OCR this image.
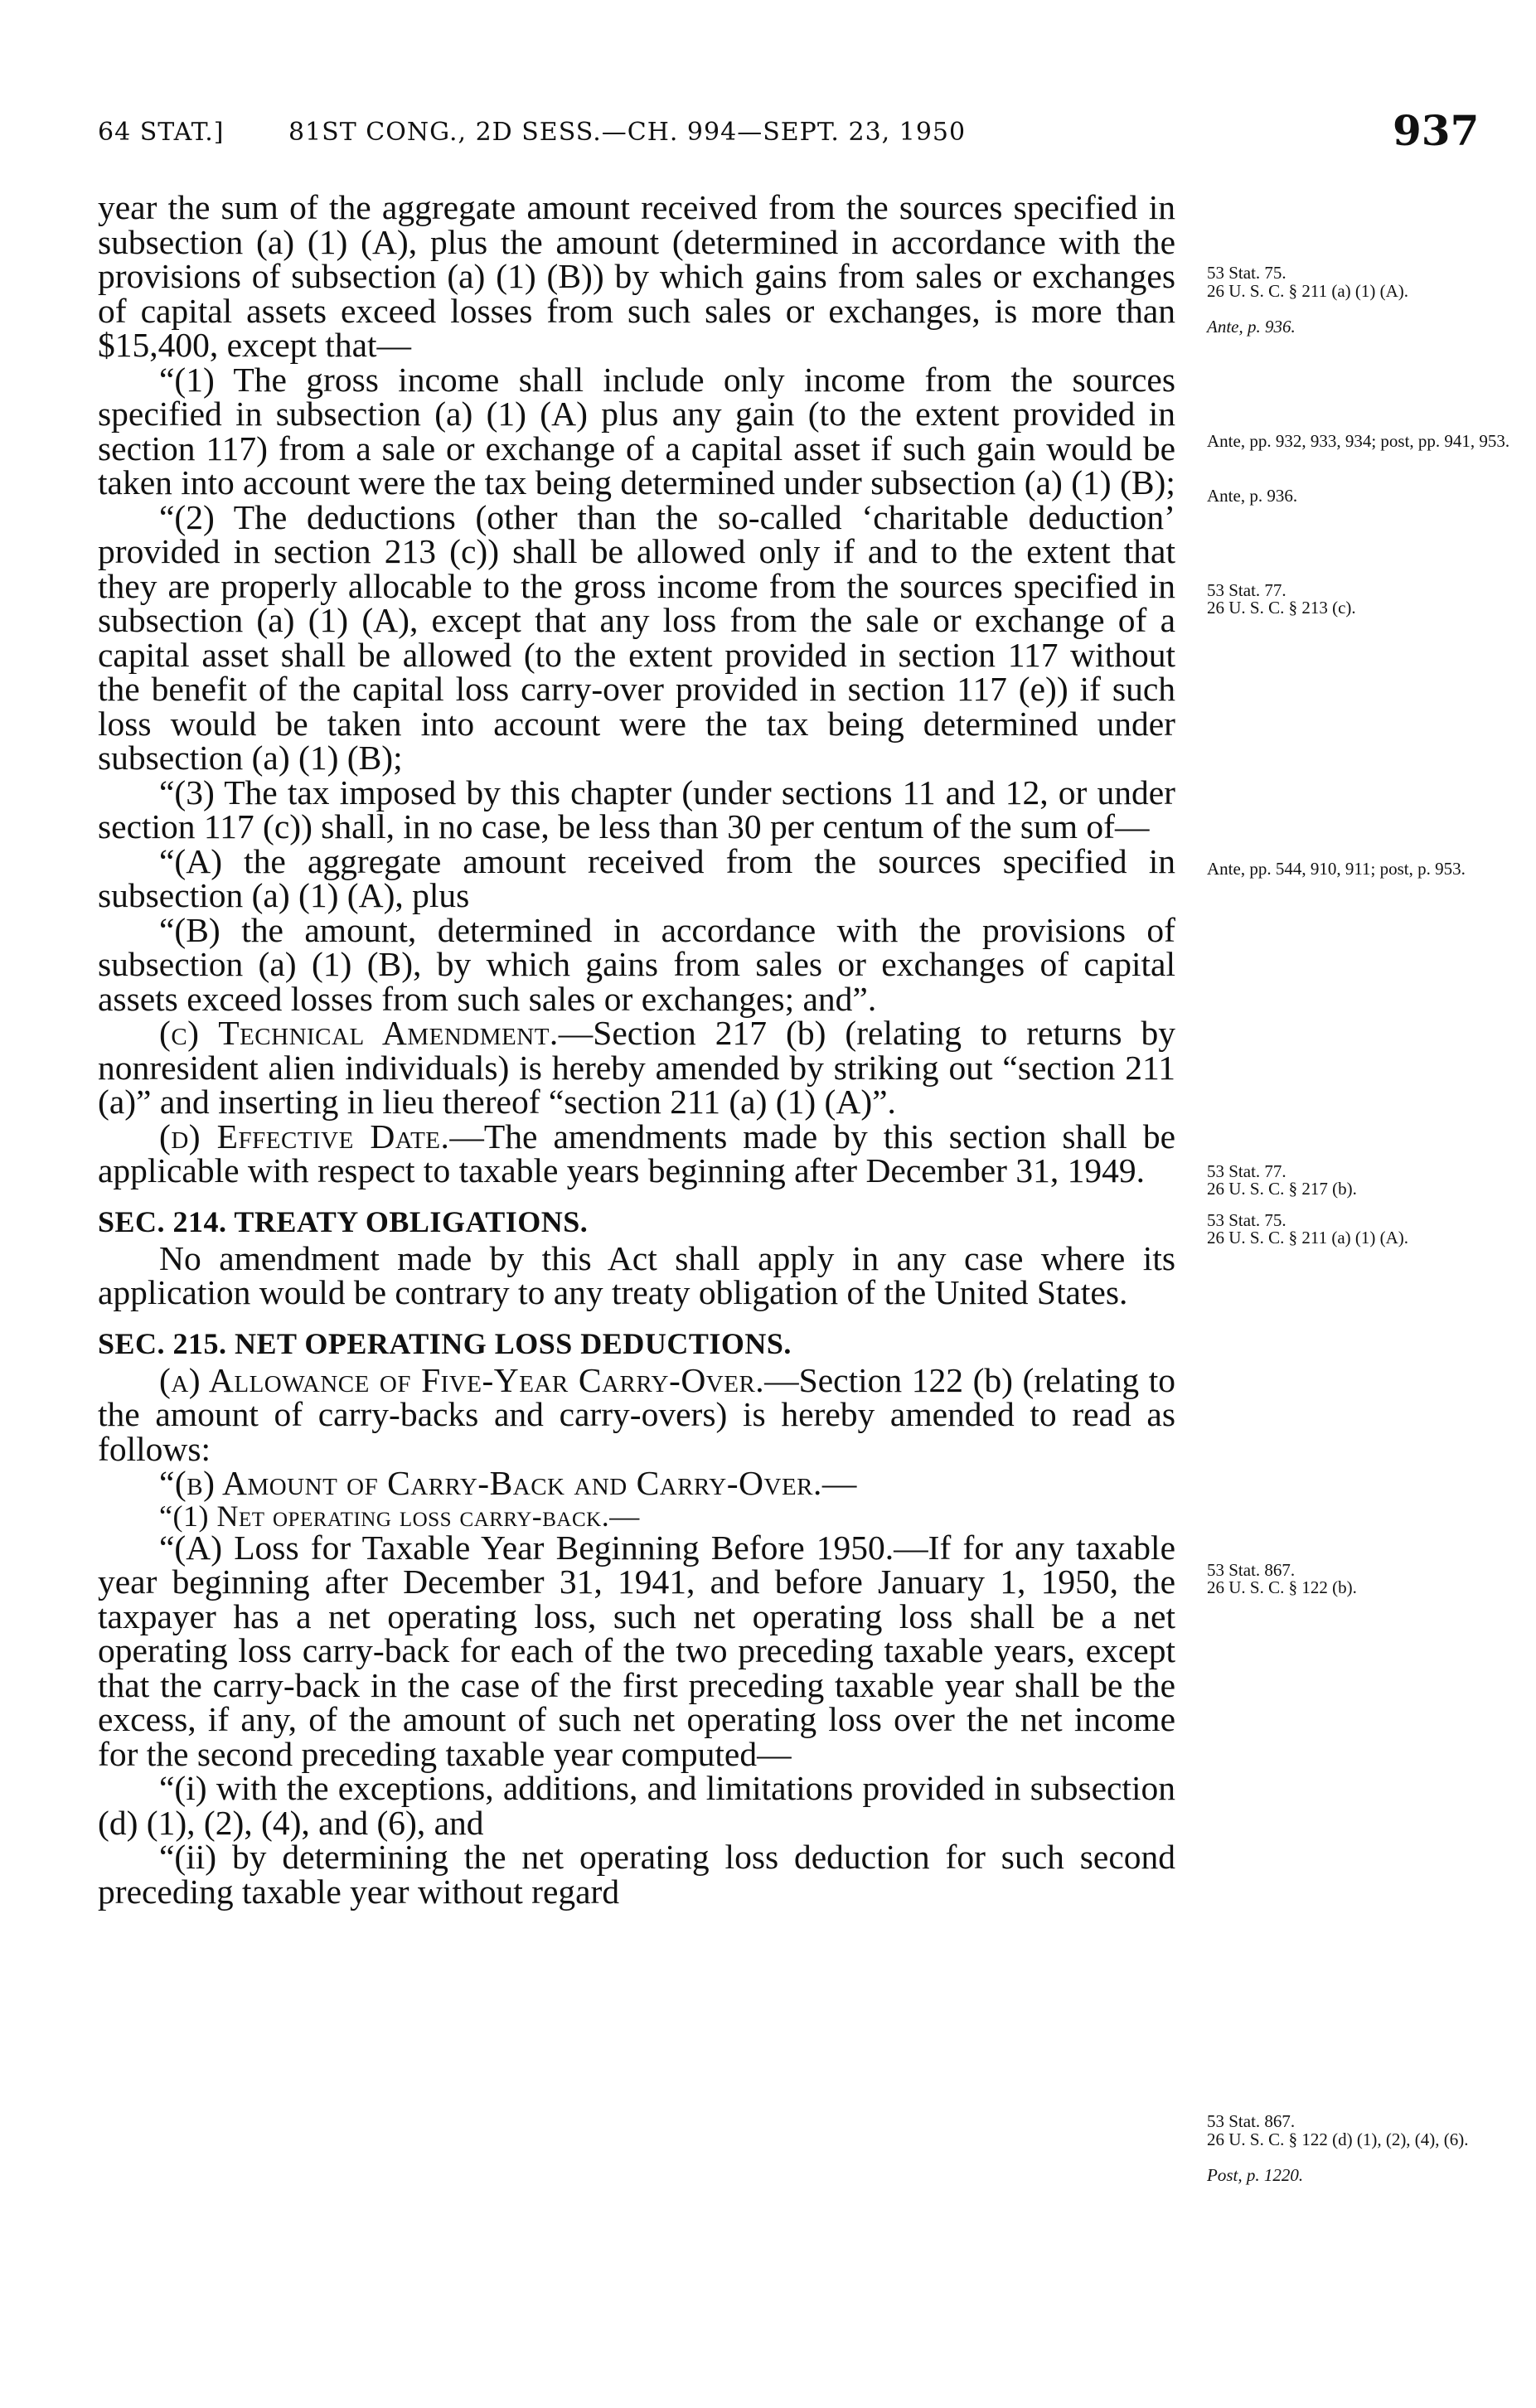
64 STAT.]	81ST CONG., 2D SESS.—CH. 994—SEPT. 23, 1950	937

year the sum of the aggregate amount received from the sources specified in subsection (a) (1) (A), plus the amount (determined in accordance with the provisions of subsection (a) (1) (B)) by which gains from sales or exchanges of capital assets exceed losses from such sales or exchanges, is more than $15,400, except that—

“(1) The gross income shall include only income from the sources specified in subsection (a) (1) (A) plus any gain (to the extent provided in section 117) from a sale or exchange of a capital asset if such gain would be taken into account were the tax being determined under subsection (a) (1) (B);

“(2) The deductions (other than the so-called ‘charitable deduction’ provided in section 213 (c)) shall be allowed only if and to the extent that they are properly allocable to the gross income from the sources specified in subsection (a) (1) (A), except that any loss from the sale or exchange of a capital asset shall be allowed (to the extent provided in section 117 without the benefit of the capital loss carry-over provided in section 117 (e)) if such loss would be taken into account were the tax being determined under subsection (a) (1) (B);

“(3) The tax imposed by this chapter (under sections 11 and 12, or under section 117 (c)) shall, in no case, be less than 30 per centum of the sum of—

“(A) the aggregate amount received from the sources specified in subsection (a) (1) (A), plus

“(B) the amount, determined in accordance with the provisions of subsection (a) (1) (B), by which gains from sales or exchanges of capital assets exceed losses from such sales or exchanges; and”.

(c) Technical Amendment.—Section 217 (b) (relating to returns by nonresident alien individuals) is hereby amended by striking out “section 211 (a)” and inserting in lieu thereof “section 211 (a) (1) (A)”.

(d) Effective Date.—The amendments made by this section shall be applicable with respect to taxable years beginning after December 31, 1949.

SEC. 214. TREATY OBLIGATIONS.

No amendment made by this Act shall apply in any case where its application would be contrary to any treaty obligation of the United States.

SEC. 215. NET OPERATING LOSS DEDUCTIONS.

(a) Allowance of Five-Year Carry-Over.—Section 122 (b) (relating to the amount of carry-backs and carry-overs) is hereby amended to read as follows:

“(b) Amount of Carry-Back and Carry-Over.—

“(1) Net operating loss carry-back.—

“(A) Loss for Taxable Year Beginning Before 1950.—If for any taxable year beginning after December 31, 1941, and before January 1, 1950, the taxpayer has a net operating loss, such net operating loss shall be a net operating loss carry-back for each of the two preceding taxable years, except that the carry-back in the case of the first preceding taxable year shall be the excess, if any, of the amount of such net operating loss over the net income for the second preceding taxable year computed—

“(i) with the exceptions, additions, and limitations provided in subsection (d) (1), (2), (4), and (6), and

“(ii) by determining the net operating loss deduction for such second preceding taxable year without regard

53 Stat. 75.
26 U. S. C. § 211 (a) (1) (A).

Ante, p. 936.

Ante, pp. 932, 933, 934; post, pp. 941, 953.
Ante, p. 936.
53 Stat. 77.
26 U. S. C. § 213 (c).
Ante, pp. 544, 910, 911; post, p. 953.
53 Stat. 77.
26 U. S. C. § 217 (b).
53 Stat. 75.
26 U. S. C. § 211 (a) (1) (A).
53 Stat. 867.
26 U. S. C. § 122 (b).

53 Stat. 867.
26 U. S. C. § 122 (d) (1), (2), (4), (6).

Post, p. 1220.
